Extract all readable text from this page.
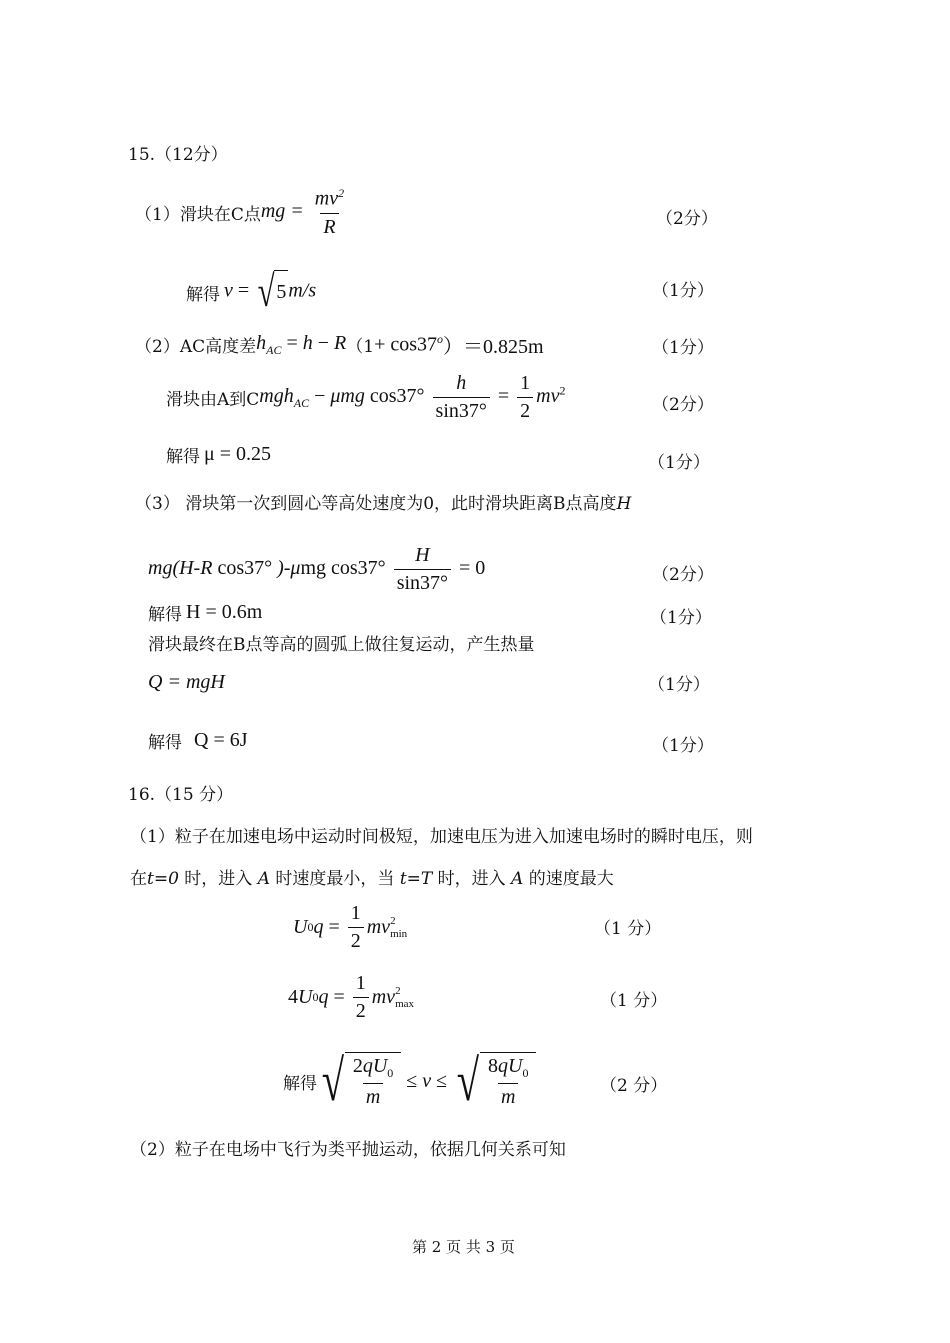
15.（12分）
（1）滑块在C点 mg = $\frac{mv^2}{R}$	（2分）
解得 v = √ 5 m/s	（1分）
（2）AC高度差 $h_{AC} = h - R$ （$1 + \cos 37^o$ ）＝0.825m	（1分）
滑块由A到C mgh$_{AC}$ − μmg $\cos 37^\circ \frac{h}{\sin 37^\circ} = \frac{1}{2} mv^2$
（2分）
解得 μ = 0.25	（1分）
（3） 滑块第一次到圆心等高处速度为0，此时滑块距离B点高度H
mg(H-R cos37° )-μmg $\cos 37^\circ \frac{H}{\sin 37^\circ} = 0$	（2分）
解得 H = 0.6m	（1分）
滑块最终在B点等高的圆弧上做往复运动，产生热量
Q = mgH	（1分）
解得 Q = 6J	（1分）
16.（15 分）
（1）粒子在加速电场中运动时间极短，加速电压为进入加速电场时的瞬时电压，则
在t=0 时，进入 A 时速度最小，当 t=T 时，进入 A 的速度最大
U 0 $q = \frac{1}{2}$ mv 2
min	（1 分）
4 U 0 $q = \frac{1}{2}$ mv 2
max	（1 分）
解得 √ $\frac{2qU_0}{m} \le v$ ≤ √ $\frac{8qU_0}{m}$	（2 分）
（2）粒子在电场中飞行为类平抛运动，依据几何关系可知
第 2 页 共 3 页
